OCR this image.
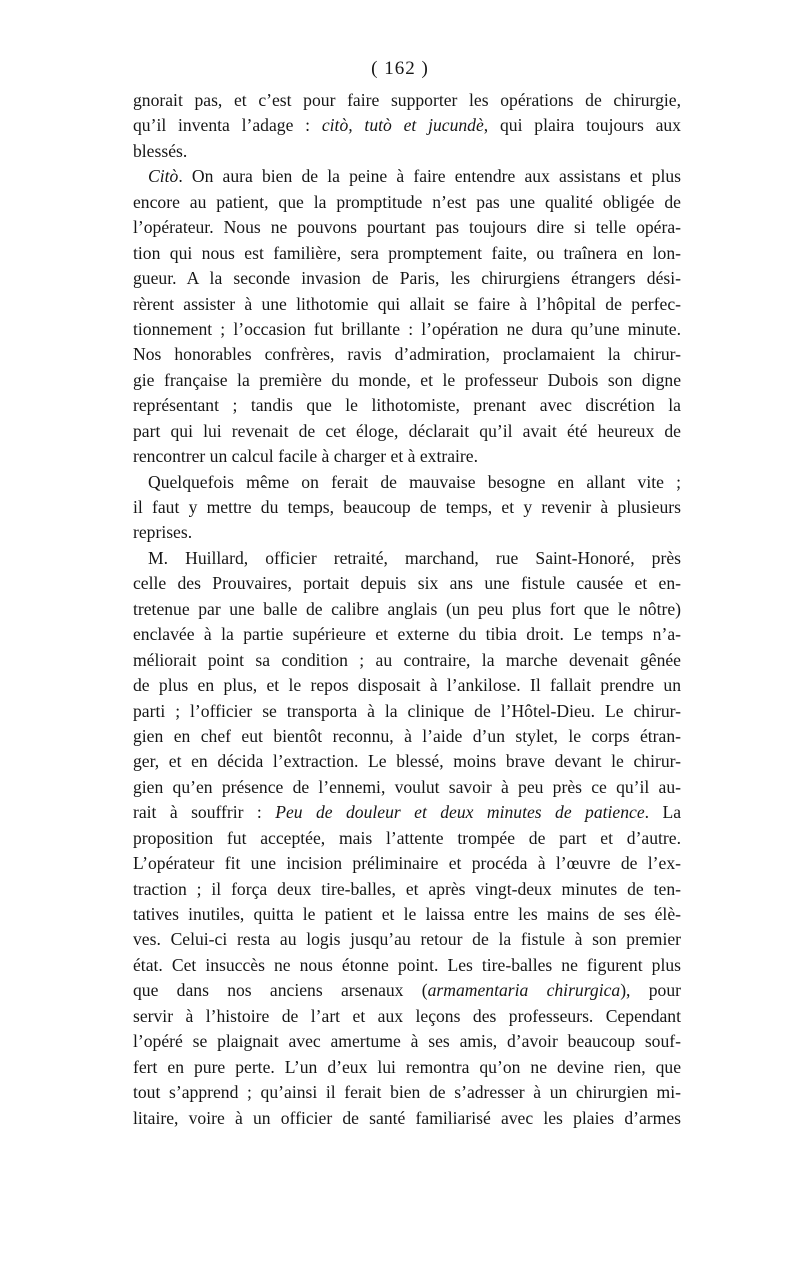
( 162 )

gnorait pas, et c’est pour faire supporter les opérations de chirurgie,
qu’il inventa l’adage : citò, tutò et jucundè, qui plaira toujours aux
blessés.

Citò. On aura bien de la peine à faire entendre aux assistans et plus
encore au patient, que la promptitude n’est pas une qualité obligée de
l’opérateur. Nous ne pouvons pourtant pas toujours dire si telle opéra-
tion qui nous est familière, sera promptement faite, ou traînera en lon-
gueur. A la seconde invasion de Paris, les chirurgiens étrangers dési-
rèrent assister à une lithotomie qui allait se faire à l’hôpital de perfec-
tionnement ; l’occasion fut brillante : l’opération ne dura qu’une minute.
Nos honorables confrères, ravis d’admiration, proclamaient la chirur-
gie française la première du monde, et le professeur Dubois son digne
représentant ; tandis que le lithotomiste, prenant avec discrétion la
part qui lui revenait de cet éloge, déclarait qu’il avait été heureux de
rencontrer un calcul facile à charger et à extraire.

Quelquefois même on ferait de mauvaise besogne en allant vite ;
il faut y mettre du temps, beaucoup de temps, et y revenir à plusieurs
reprises.

M. Huillard, officier retraité, marchand, rue Saint-Honoré, près
celle des Prouvaires, portait depuis six ans une fistule causée et en-
tretenue par une balle de calibre anglais (un peu plus fort que le nôtre)
enclavée à la partie supérieure et externe du tibia droit. Le temps n’a-
méliorait point sa condition ; au contraire, la marche devenait gênée
de plus en plus, et le repos disposait à l’ankilose. Il fallait prendre un
parti ; l’officier se transporta à la clinique de l’Hôtel-Dieu. Le chirur-
gien en chef eut bientôt reconnu, à l’aide d’un stylet, le corps étran-
ger, et en décida l’extraction. Le blessé, moins brave devant le chirur-
gien qu’en présence de l’ennemi, voulut savoir à peu près ce qu’il au-
rait à souffrir : Peu de douleur et deux minutes de patience. La
proposition fut acceptée, mais l’attente trompée de part et d’autre.
L’opérateur fit une incision préliminaire et procéda à l’œuvre de l’ex-
traction ; il força deux tire-balles, et après vingt-deux minutes de ten-
tatives inutiles, quitta le patient et le laissa entre les mains de ses élè-
ves. Celui-ci resta au logis jusqu’au retour de la fistule à son premier
état. Cet insuccès ne nous étonne point. Les tire-balles ne figurent plus
que dans nos anciens arsenaux (armamentaria chirurgica), pour
servir à l’histoire de l’art et aux leçons des professeurs. Cependant
l’opéré se plaignait avec amertume à ses amis, d’avoir beaucoup souf-
fert en pure perte. L’un d’eux lui remontra qu’on ne devine rien, que
tout s’apprend ; qu’ainsi il ferait bien de s’adresser à un chirurgien mi-
litaire, voire à un officier de santé familiarisé avec les plaies d’armes
